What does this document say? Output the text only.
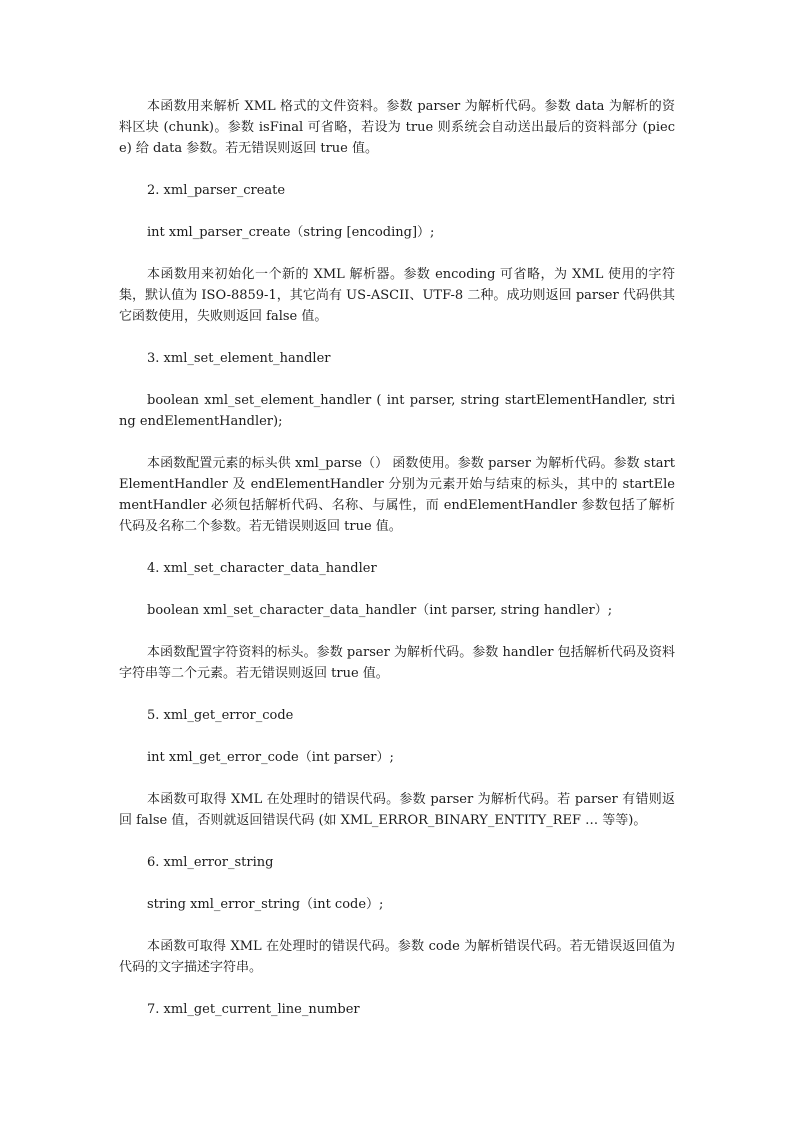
本函数用来解析 XML 格式的文件资料。参数 parser 为解析代码。参数 data 为解析的资料区块 (chunk)。参数 isFinal 可省略，若设为 true 则系统会自动送出最后的资料部分 (piece) 给 data 参数。若无错误则返回 true 值。

2. xml_parser_create

int xml_parser_create（string [encoding]）;

本函数用来初始化一个新的 XML 解析器。参数 encoding 可省略，为 XML 使用的字符集，默认值为 ISO-8859-1，其它尚有 US-ASCII、UTF-8 二种。成功则返回 parser 代码供其它函数使用，失败则返回 false 值。

3. xml_set_element_handler

boolean xml_set_element_handler ( int parser, string startElementHandler, string endElementHandler);

本函数配置元素的标头供 xml_parse（） 函数使用。参数 parser 为解析代码。参数 startElementHandler 及 endElementHandler 分别为元素开始与结束的标头，其中的 startElementHandler 必须包括解析代码、名称、与属性，而 endElementHandler 参数包括了解析代码及名称二个参数。若无错误则返回 true 值。

4. xml_set_character_data_handler

boolean xml_set_character_data_handler（int parser, string handler）;

本函数配置字符资料的标头。参数 parser 为解析代码。参数 handler 包括解析代码及资料字符串等二个元素。若无错误则返回 true 值。

5. xml_get_error_code

int xml_get_error_code（int parser）;

本函数可取得 XML 在处理时的错误代码。参数 parser 为解析代码。若 parser 有错则返回 false 值，否则就返回错误代码 (如 XML_ERROR_BINARY_ENTITY_REF … 等等)。

6. xml_error_string

string xml_error_string（int code）;

本函数可取得 XML 在处理时的错误代码。参数 code 为解析错误代码。若无错误返回值为代码的文字描述字符串。

7. xml_get_current_line_number
